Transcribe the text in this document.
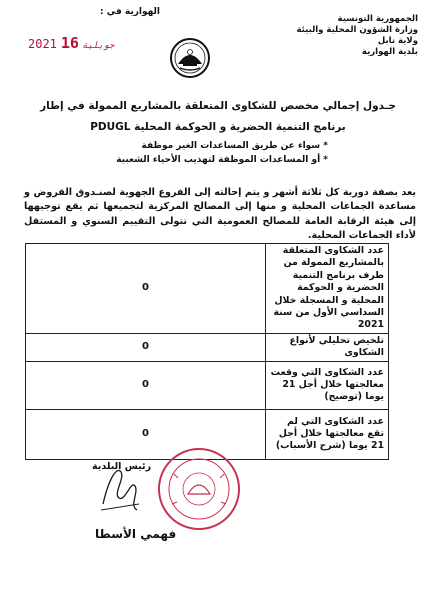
الجمهورية التونسية
وزارة الشؤون المحلية والبيئة
ولاية نابل
بلدية الهوارية
الهوارية في :
2021	جويلية16
جـدول إجمالي مخصص للشكاوى المتعلقة بالمشاريع الممولة في إطار
برنامج التنمية الحضرية و الحوكمة المحلية PDUGL
* سواء عن طريق المساعدات الغير موظفة
* أو المساعدات الموظفة لتهذيب الأحياء الشعبية
يعد بصفة دورية كل ثلاثة أشهر و يتم إحالته إلى الفروع الجهوية لصنـدوق القروض و مساعدة الجماعات المحلية و منها إلى المصالح المركزية لتجميعها ثم يقع توجيهها إلى هيئة الرقابة العامة للمصالح العمومية التي تتولى التقييم السنوي و المستقل لأداء الجماعات المحلية.
عدد الشكاوى المتعلقة بالمشاريع الممولة من طرف برنامج التنمية الحضرية و الحوكمة المحلية و المسجلة خلال السداسي الأول من سنة 2021	0
تلخيص تحليلي لأنواع الشكاوى	0
عدد الشكاوى التي وقعت معالجتها خلال أجل 21 يوما (توضيح)	0
عدد الشكاوى التي لم تقع معالجتها خلال أجل 21 يوما (شرح الأسباب)	0
رئيس البلدية
فهمي الأسطا
